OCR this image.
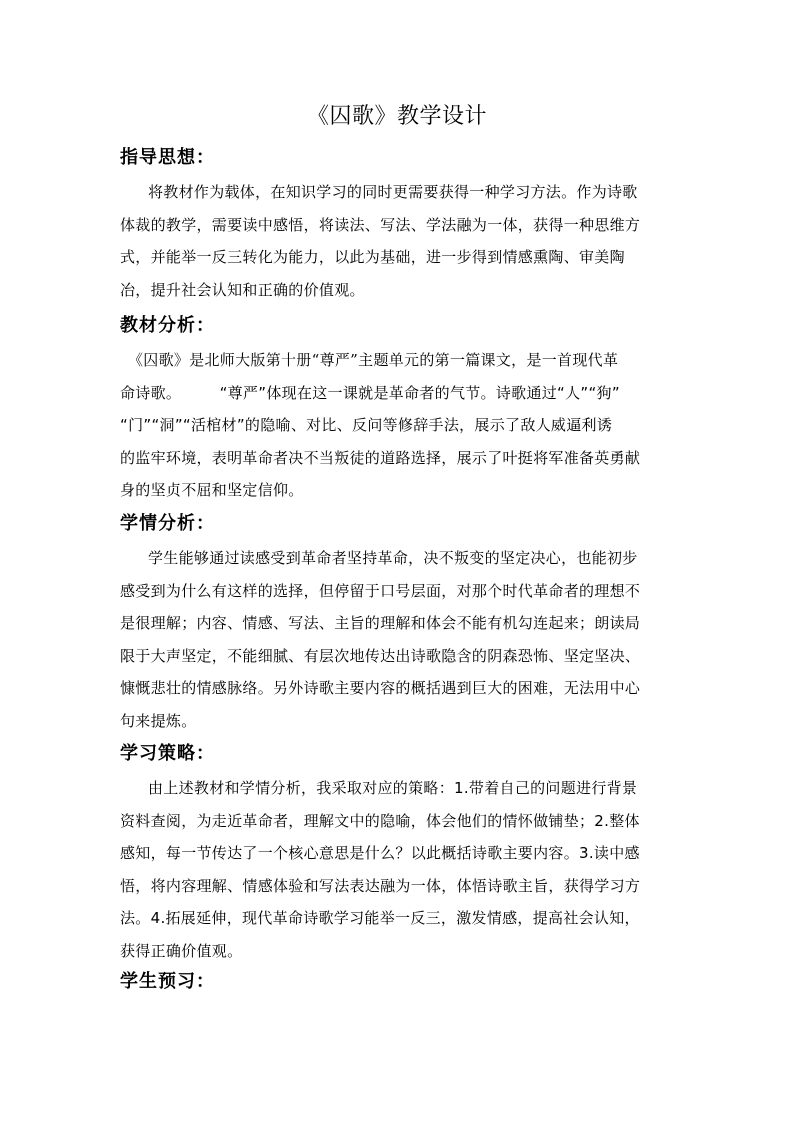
《囚歌》教学设计
指导思想：
将教材作为载体，在知识学习的同时更需要获得一种学习方法。作为诗歌
体裁的教学，需要读中感悟，将读法、写法、学法融为一体，获得一种思维方
式，并能举一反三转化为能力，以此为基础，进一步得到情感熏陶、审美陶
冶，提升社会认知和正确的价值观。
教材分析：
《囚歌》是北师大版第十册“尊严”主题单元的第一篇课文，是一首现代革
命诗歌。　　　“尊严”体现在这一课就是革命者的气节。诗歌通过“人”“狗”
“门”“洞”“活棺材”的隐喻、对比、反问等修辞手法，展示了敌人威逼利诱
的监牢环境，表明革命者决不当叛徒的道路选择，展示了叶挺将军准备英勇献
身的坚贞不屈和坚定信仰。
学情分析：
学生能够通过读感受到革命者坚持革命，决不叛变的坚定决心，也能初步
感受到为什么有这样的选择，但停留于口号层面，对那个时代革命者的理想不
是很理解；内容、情感、写法、主旨的理解和体会不能有机勾连起来；朗读局
限于大声坚定，不能细腻、有层次地传达出诗歌隐含的阴森恐怖、坚定坚决、
慷慨悲壮的情感脉络。另外诗歌主要内容的概括遇到巨大的困难，无法用中心
句来提炼。
学习策略：
由上述教材和学情分析，我采取对应的策略：1.带着自己的问题进行背景
资料查阅，为走近革命者，理解文中的隐喻，体会他们的情怀做铺垫；2.整体
感知，每一节传达了一个核心意思是什么？以此概括诗歌主要内容。3.读中感
悟，将内容理解、情感体验和写法表达融为一体，体悟诗歌主旨，获得学习方
法。4.拓展延伸，现代革命诗歌学习能举一反三，激发情感，提高社会认知，
获得正确价值观。
学生预习：
